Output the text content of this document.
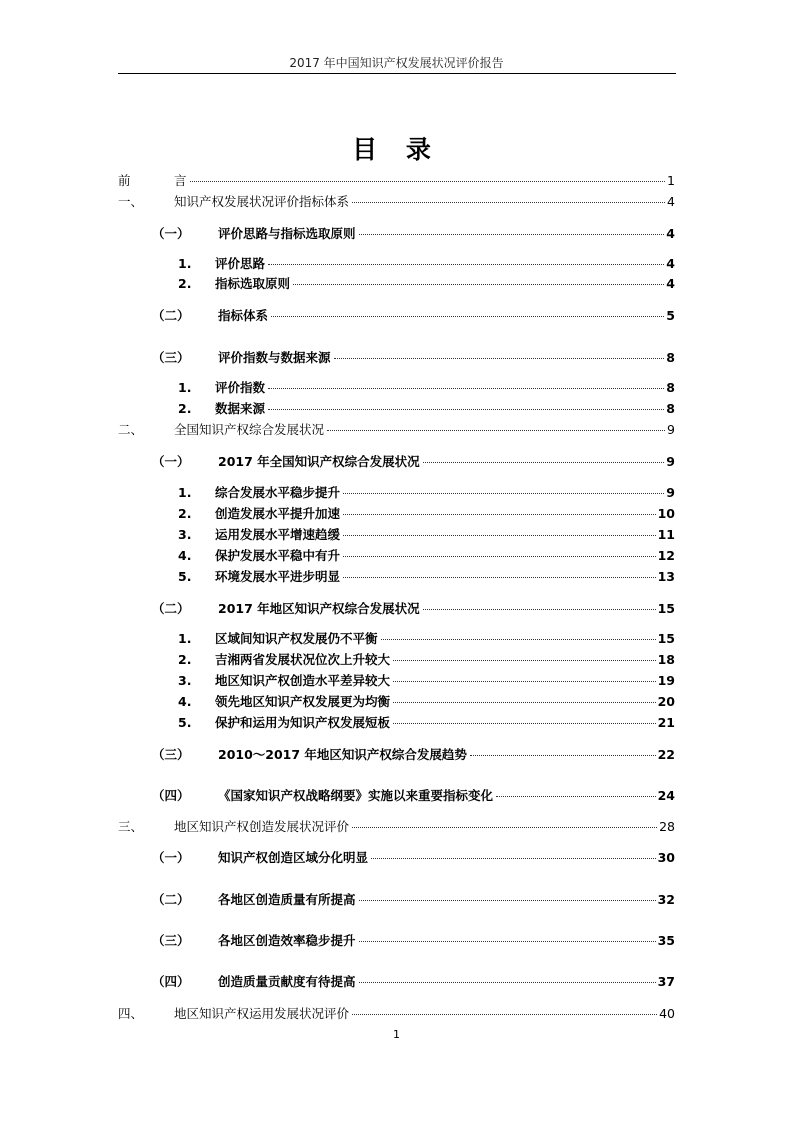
2017 年中国知识产权发展状况评价报告
目 录
前	言	1
一、	知识产权发展状况评价指标体系	4
（一）	评价思路与指标选取原则	4
1.	评价思路	4
2.	指标选取原则	4
（二）	指标体系	5
（三）	评价指数与数据来源	8
1.	评价指数	8
2.	数据来源	8
二、	全国知识产权综合发展状况	9
（一）	2017 年全国知识产权综合发展状况	9
1.	综合发展水平稳步提升	9
2.	创造发展水平提升加速	10
3.	运用发展水平增速趋缓	11
4.	保护发展水平稳中有升	12
5.	环境发展水平进步明显	13
（二）	2017 年地区知识产权综合发展状况	15
1.	区域间知识产权发展仍不平衡	15
2.	吉湘两省发展状况位次上升较大	18
3.	地区知识产权创造水平差异较大	19
4.	领先地区知识产权发展更为均衡	20
5.	保护和运用为知识产权发展短板	21
（三）	2010～2017 年地区知识产权综合发展趋势	22
（四）	《国家知识产权战略纲要》实施以来重要指标变化	24
三、	地区知识产权创造发展状况评价	28
（一）	知识产权创造区域分化明显	30
（二）	各地区创造质量有所提高	32
（三）	各地区创造效率稳步提升	35
（四）	创造质量贡献度有待提高	37
四、	地区知识产权运用发展状况评价	40
1
